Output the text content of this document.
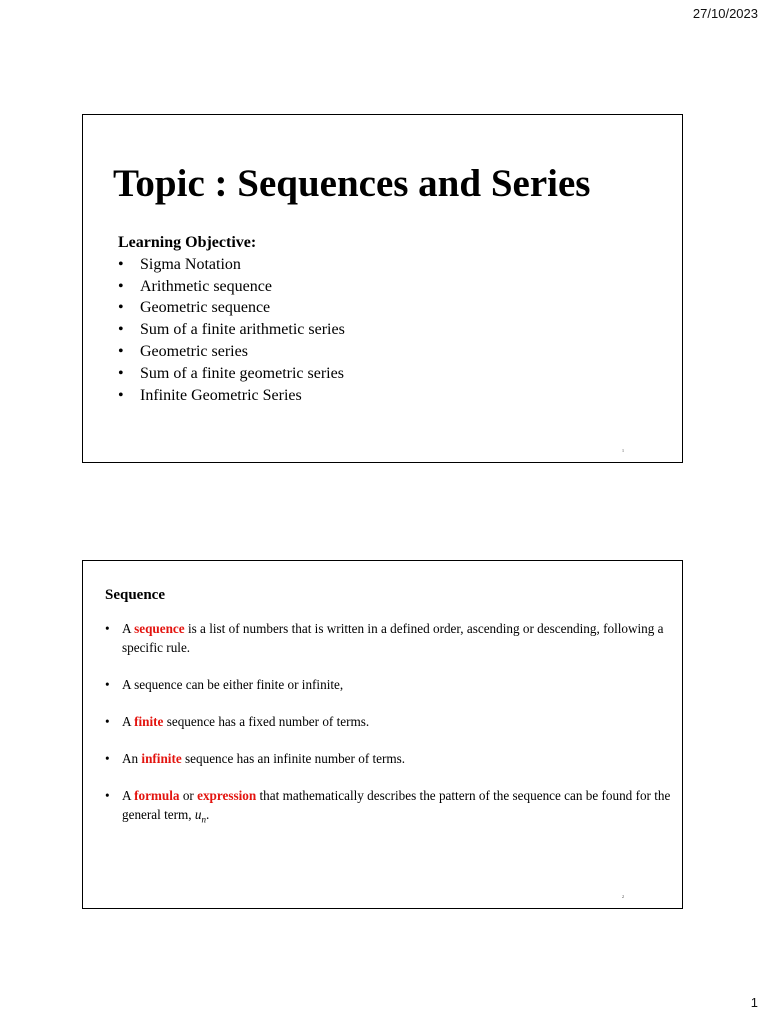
27/10/2023
Topic : Sequences and Series
Learning Objective:
• Sigma Notation
• Arithmetic sequence
• Geometric sequence
• Sum of a finite arithmetic series
• Geometric series
• Sum of a finite geometric series
• Infinite Geometric Series
1
Sequence
• A sequence is a list of numbers that is written in a defined order, ascending or descending, following a specific rule.
• A sequence can be either finite or infinite,
• A finite sequence has a fixed number of terms.
• An infinite sequence has an infinite number of terms.
• A formula or expression that mathematically describes the pattern of the sequence can be found for the general term, $u_n$.
2
1
